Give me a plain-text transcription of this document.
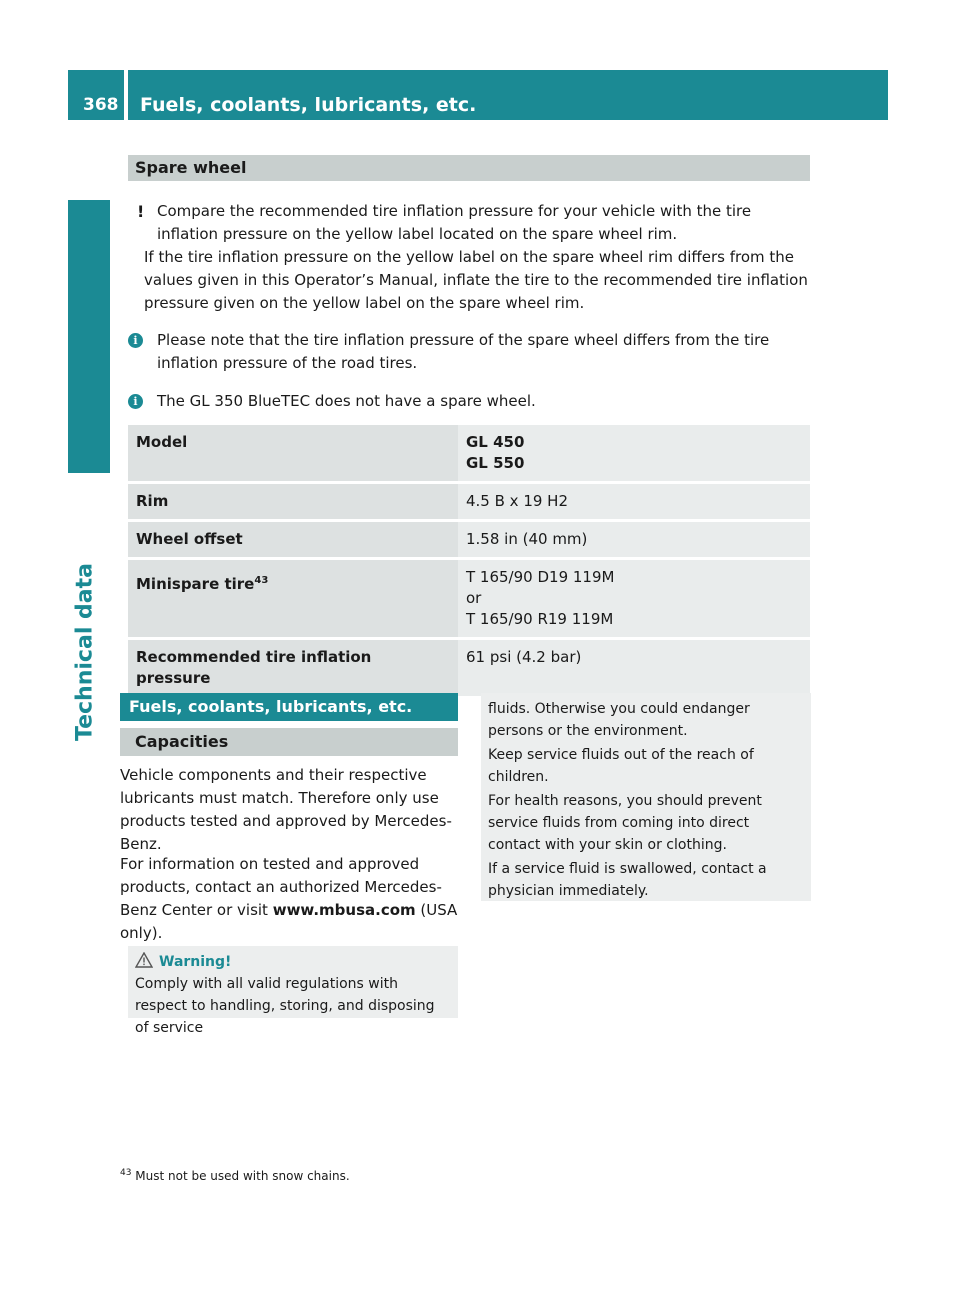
368	Fuels, coolants, lubricants, etc.
Technical data
Spare wheel
! Compare the recommended tire inflation pressure for your vehicle with the tire inflation pressure on the yellow label located on the spare wheel rim.

If the tire inflation pressure on the yellow label on the spare wheel rim differs from the values given in this Operator’s Manual, inflate the tire to the recommended tire inflation pressure given on the yellow label on the spare wheel rim.

i	Please note that the tire inflation pressure of the spare wheel differs from the tire inflation pressure of the road tires.

i	The GL 350 BlueTEC does not have a spare wheel.

Model	GL 450
GL 550

Rim	4.5 B x 19 H2
Wheel offset	1.58 in (40 mm)
Minispare tire$^{43}$	T 165/90 D19 119M
or
T 165/90 R19 119M

Recommended tire inflation pressure	61 psi (4.2 bar)
Fuels, coolants, lubricants, etc.
Capacities

Vehicle components and their respective lubricants must match. Therefore only use products tested and approved by Mercedes-Benz.

For information on tested and approved products, contact an authorized Mercedes-Benz Center or visit www.mbusa.com (USA only).

Warning!
Comply with all valid regulations with respect to handling, storing, and disposing of service

fluids. Otherwise you could endanger persons or the environment.

Keep service fluids out of the reach of children.

For health reasons, you should prevent service fluids from coming into direct contact with your skin or clothing.

If a service fluid is swallowed, contact a physician immediately.

$^{43}$ Must not be used with snow chains.
